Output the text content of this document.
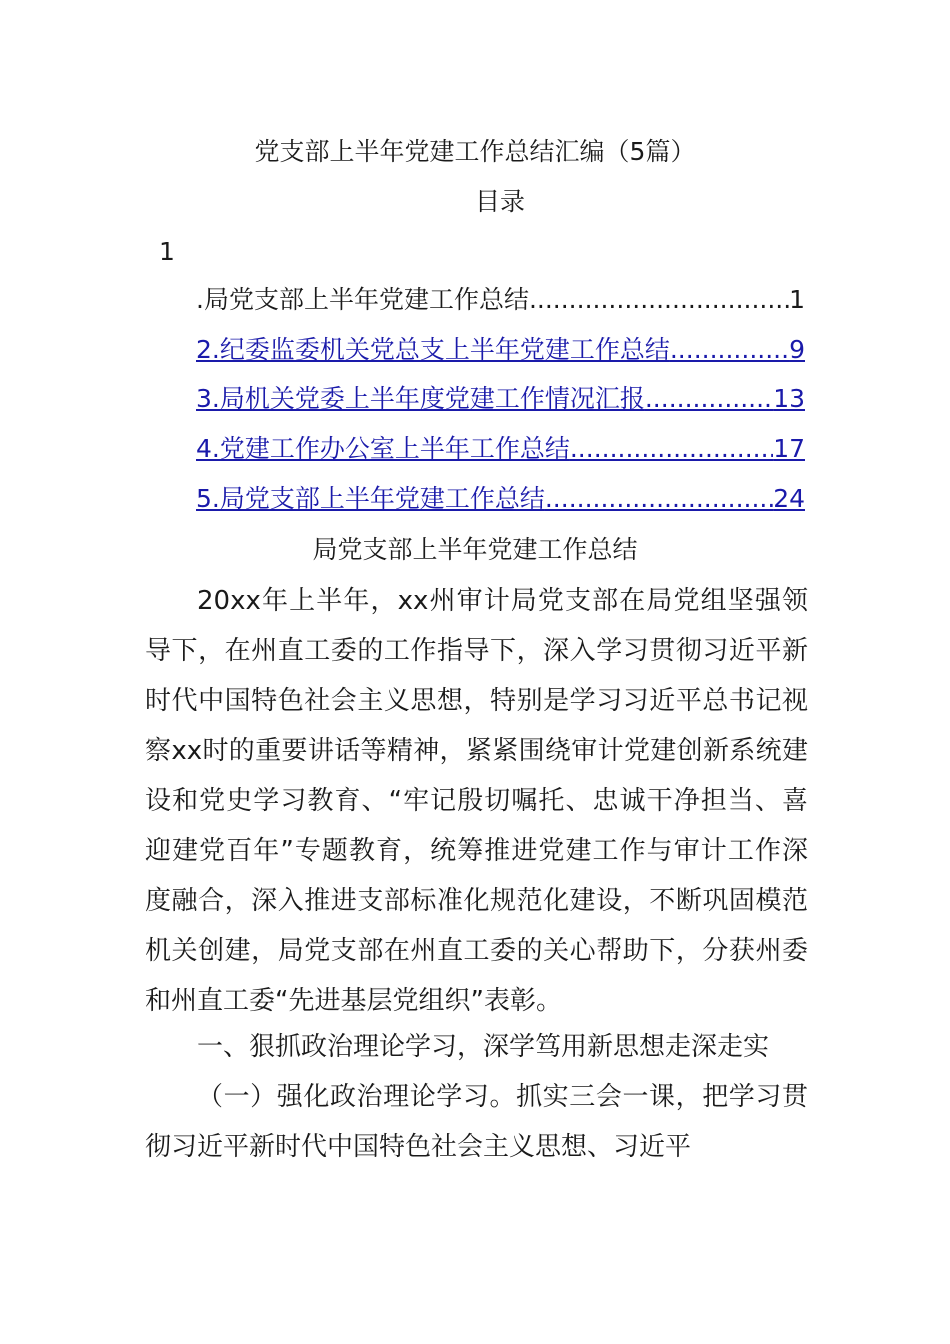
党支部上半年党建工作总结汇编（5篇）
目录
1
.局党支部上半年党建工作总结 .....	1
2.纪委监委机关党总支上半年党建工作总结 .....	9
3.局机关党委上半年度党建工作情况汇报 .....	13
4.党建工作办公室上半年工作总结 .....	17
5.局党支部上半年党建工作总结 .....	24
局党支部上半年党建工作总结

20xx年上半年，xx州审计局党支部在局党组坚强领导下，在州直工委的工作指导下，深入学习贯彻习近平新时代中国特色社会主义思想，特别是学习习近平总书记视察xx时的重要讲话等精神，紧紧围绕审计党建创新系统建设和党史学习教育、“牢记殷切嘱托、忠诚干净担当、喜迎建党百年”专题教育，统筹推进党建工作与审计工作深度融合，深入推进支部标准化规范化建设，不断巩固模范机关创建，局党支部在州直工委的关心帮助下，分获州委和州直工委“先进基层党组织”表彰。

一、狠抓政治理论学习，深学笃用新思想走深走实

（一）强化政治理论学习。抓实三会一课，把学习贯彻习近平新时代中国特色社会主义思想、习近平
